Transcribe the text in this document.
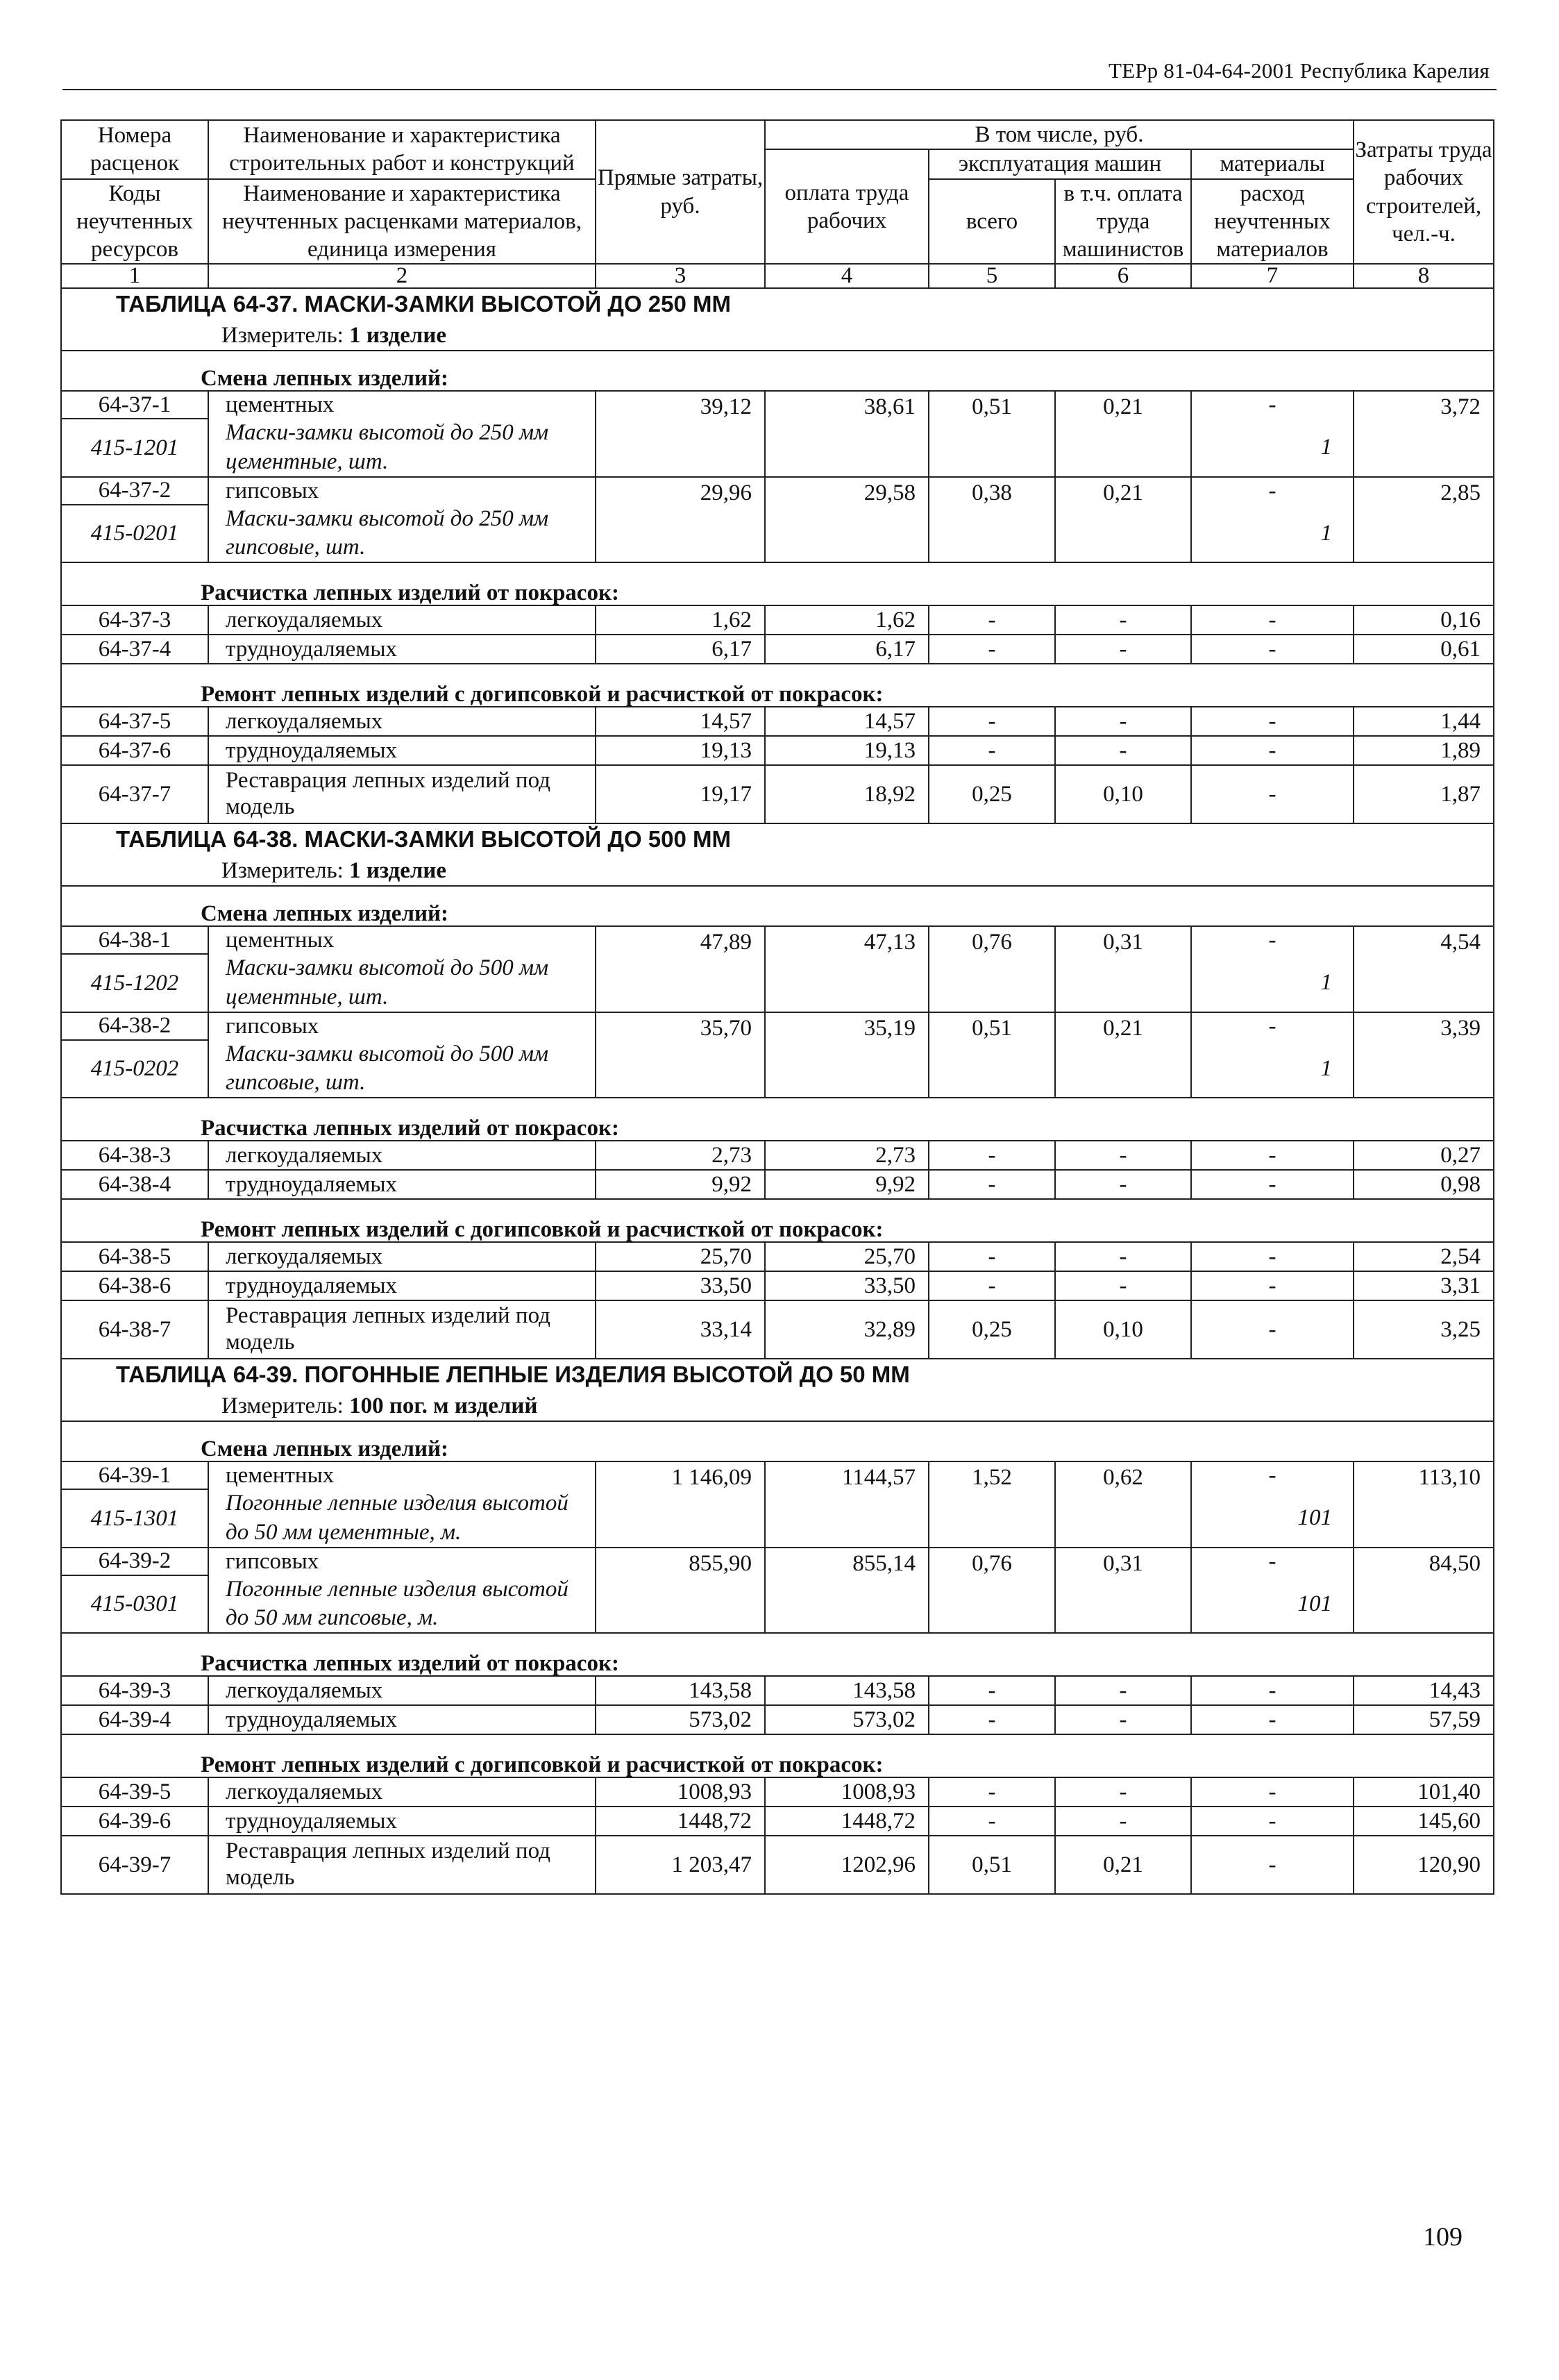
ТЕРр 81-04-64-2001 Республика Карелия
Номера расценок	Наименование и характеристика строительных работ и конструкций	Прямые затраты, руб.	В том числе, руб.				Затраты труда рабочих строителей, чел.-ч.
			оплата труда рабочих	эксплуатация машин		материалы	
Коды неучтенных ресурсов	Наименование и характеристика неучтенных расценками материалов, единица измерения			всего	в т.ч. оплата труда машинистов	расход неучтенных материалов	

1	2	3	4	5	6	7	8
ТАБЛИЦА 64-37. МАСКИ-ЗАМКИ ВЫСОТОЙ ДО 250 ММ							
Измеритель: 1 изделие							
Смена лепных изделий:							
64-37-1	цементных	39,12	38,61	0,51	0,21	-	3,72
415-1201	Маски-замки высотой до 250 мм цементные, шт.					1	
64-37-2	гипсовых	29,96	29,58	0,38	0,21	-	2,85
415-0201	Маски-замки высотой до 250 мм гипсовые, шт.					1	
Расчистка лепных изделий от покрасок:							
64-37-3	легкоудаляемых	1,62	1,62	-	-	-	0,16
64-37-4	трудноудаляемых	6,17	6,17	-	-	-	0,61
Ремонт лепных изделий с догипсовкой и расчисткой от покрасок:							
64-37-5	легкоудаляемых	14,57	14,57	-	-	-	1,44
64-37-6	трудноудаляемых	19,13	19,13	-	-	-	1,89
64-37-7	Реставрация лепных изделий под модель	19,17	18,92	0,25	0,10	-	1,87
ТАБЛИЦА 64-38. МАСКИ-ЗАМКИ ВЫСОТОЙ ДО 500 ММ							
Измеритель: 1 изделие							
Смена лепных изделий:							
64-38-1	цементных	47,89	47,13	0,76	0,31	-	4,54
415-1202	Маски-замки высотой до 500 мм цементные, шт.					1	
64-38-2	гипсовых	35,70	35,19	0,51	0,21	-	3,39
415-0202	Маски-замки высотой до 500 мм гипсовые, шт.					1	
Расчистка лепных изделий от покрасок:							
64-38-3	легкоудаляемых	2,73	2,73	-	-	-	0,27
64-38-4	трудноудаляемых	9,92	9,92	-	-	-	0,98
Ремонт лепных изделий с догипсовкой и расчисткой от покрасок:							
64-38-5	легкоудаляемых	25,70	25,70	-	-	-	2,54
64-38-6	трудноудаляемых	33,50	33,50	-	-	-	3,31
64-38-7	Реставрация лепных изделий под модель	33,14	32,89	0,25	0,10	-	3,25
ТАБЛИЦА 64-39. ПОГОННЫЕ ЛЕПНЫЕ ИЗДЕЛИЯ ВЫСОТОЙ ДО 50 ММ							
Измеритель: 100 пог. м изделий							
Смена лепных изделий:							
64-39-1	цементных	1 146,09	1144,57	1,52	0,62	-	113,10
415-1301	Погонные лепные изделия высотой до 50 мм цементные, м.					101	
64-39-2	гипсовых	855,90	855,14	0,76	0,31	-	84,50
415-0301	Погонные лепные изделия высотой до 50 мм гипсовые, м.					101	
Расчистка лепных изделий от покрасок:							
64-39-3	легкоудаляемых	143,58	143,58	-	-	-	14,43
64-39-4	трудноудаляемых	573,02	573,02	-	-	-	57,59
Ремонт лепных изделий с догипсовкой и расчисткой от покрасок:							
64-39-5	легкоудаляемых	1008,93	1008,93	-	-	-	101,40
64-39-6	трудноудаляемых	1448,72	1448,72	-	-	-	145,60
64-39-7	Реставрация лепных изделий под модель	1 203,47	1202,96	0,51	0,21	-	120,90
109
